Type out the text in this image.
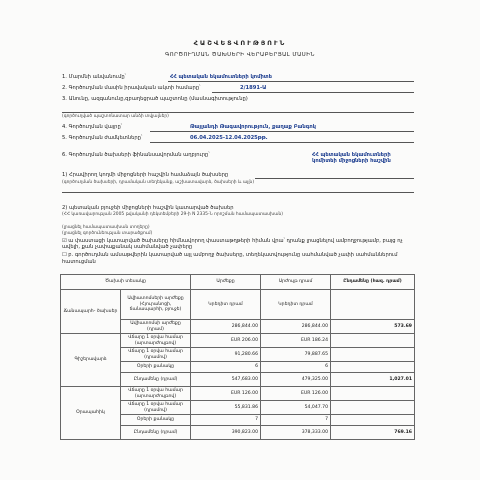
ՀԱՇՎԵՏՎՈՒԹՅՈՒՆ
ԳՈՐԾՈՒՂՄԱՆ ԾԱԽՍԵՐԻ ՎԵՐԱԲԵՐՅԱԼ ՄԱՍԻՆ
1. Մարմնի անվանումը՝	ՀՀ պետական եկամուտների կոմիտե
2. Գործուղման մասին իրավական ակտի համարը՝	2/1891-Ա
3. Անունը, ազգանունը,զբաղեցրած պաշտոնը (մասնագիտությունը)
(գործուղված պաշտոնատար անձի տվյալներ)
4. Գործուղման վայրը՝	Թայլանդի Թագավորություն, քաղաք Բանգոկ
5. Գործուղման ժամկետները՝	06.04.2025-12.04.2025թթ.
6. Գործուղման ծախսերի ֆինանսավորման աղբյուրը՝	ՀՀ պետական եկամուտների կոմիտեի միջոցների հաշվին
1) Հրավիրող կողմի միջոցների հաշվին համաձայն ծախսերը
(գործուղման ծախսերի, դրամական տեղեկանք, աշխատավարձ, ծախսերի և այլն)
2) պետական բյուջեի միջոցների հաշվին կատարված ծախսեր
(ՀՀ կառավարության 2005 թվականի դեկտեմբերի 29-ի N 2335-Ն որոշման համապատասխան)
(լրացնել համապատասխան տողերը)
(լրացնել գործունեության տարածքում)
☑ ա փաստացի կատարված ծախսերը հիմնավորող փաստաթղթերի հիման վրա՝ դրանք լրացնելով ամբողջությամբ, բայց ոչ ավելի, քան չափաքանակ սահմանված չափերը
☐ բ. գործուղման ամսաթվերին կատարված այլ ամբողջ ծախսերը, տեղեկատվությունը սահմանված չափի սահմաններում
հատուցման
Ծախսի տեսակը		Արժեքը	Արժույթ դրամ	Ընդամենը (հազ. դրամ)
Ճանապարհ- ծախսեր	Ավիատոմսերի արժեքը (Հյուրանոցի, ճանապարհի, բյուջե)	Կրեդիտ դրամ	Կրեդիտ դրամ	
	Ավիատոմսի արժեքը (դրամ)	286,844.00	286,844.00	573.69
Գիշերավարձ	Վճարը 1 օրվա համար (արտարժույթով)	EUR 206.00	EUR 186.24	
	Վճարը 1 օրվա համար (դրամով)	91,280.66	79,887.65	
	Օրերի քանակը	6	6	
	Ընդամենը (դրամ)	547,683.00	479,325.00	1,027.01
Օրապահիկ	Վճարը 1 օրվա համար (արտարժույթով)	EUR 126.00	EUR 126.00	
	Վճարը 1 օրվա համար (դրամով)	55,831.86	54,047.70	
	Օրերի քանակը	7	7	
	Ընդամենը (դրամ)	390,823.00	378,333.00	769.16
